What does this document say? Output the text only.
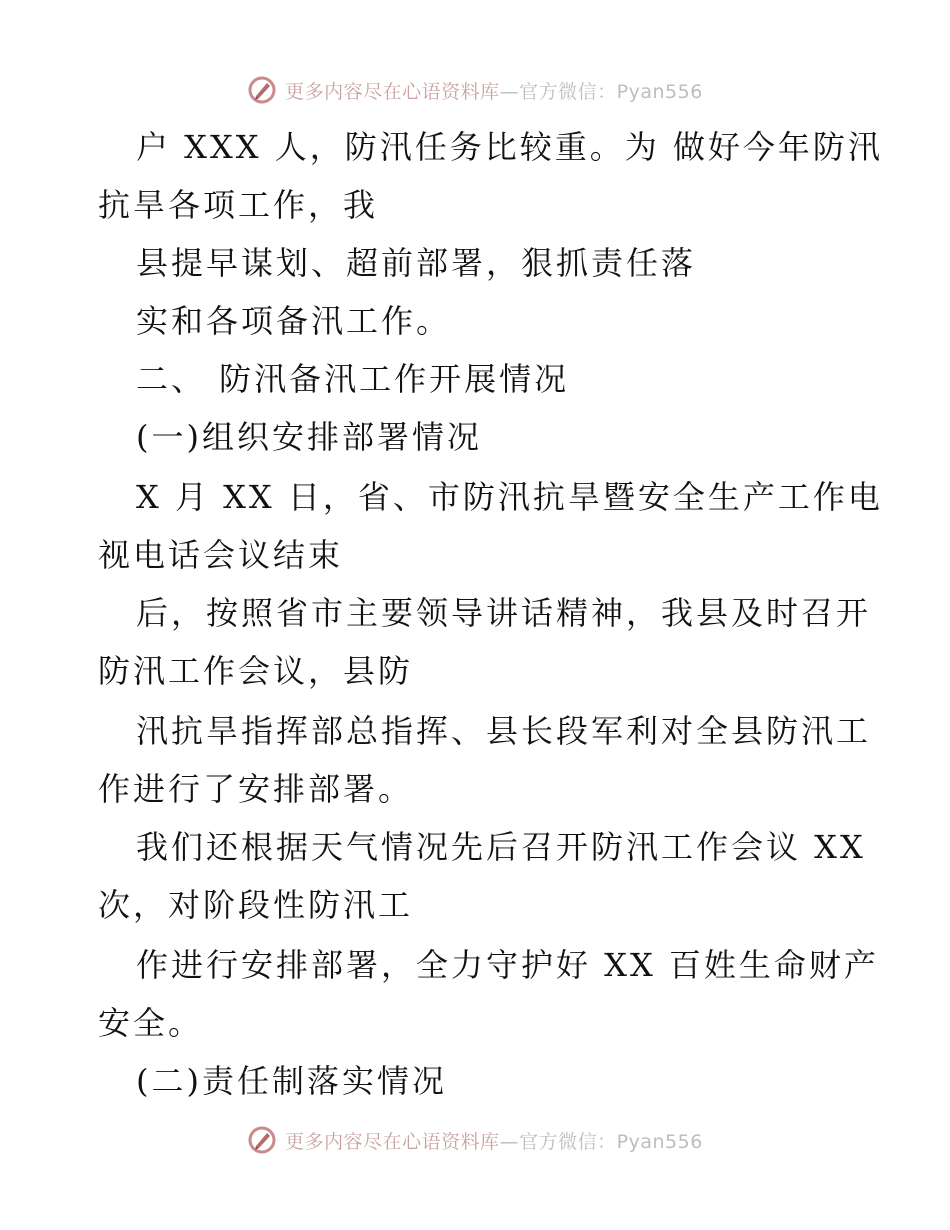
更多内容尽在心语资料库—官方微信：Pyan556
户 XXX 人，防汛任务比较重。为 做好今年防汛
抗旱各项工作，我
县提早谋划、超前部署，狠抓责任落
实和各项备汛工作。
二、 防汛备汛工作开展情况
(一)组织安排部署情况
X 月 XX 日，省、市防汛抗旱暨安全生产工作电
视电话会议结束
后，按照省市主要领导讲话精神，我县及时召开
防汛工作会议，县防
汛抗旱指挥部总指挥、县长段军利对全县防汛工
作进行了安排部署。
我们还根据天气情况先后召开防汛工作会议 XX
次，对阶段性防汛工
作进行安排部署，全力守护好 XX 百姓生命财产
安全。
(二)责任制落实情况
更多内容尽在心语资料库—官方微信：Pyan556
